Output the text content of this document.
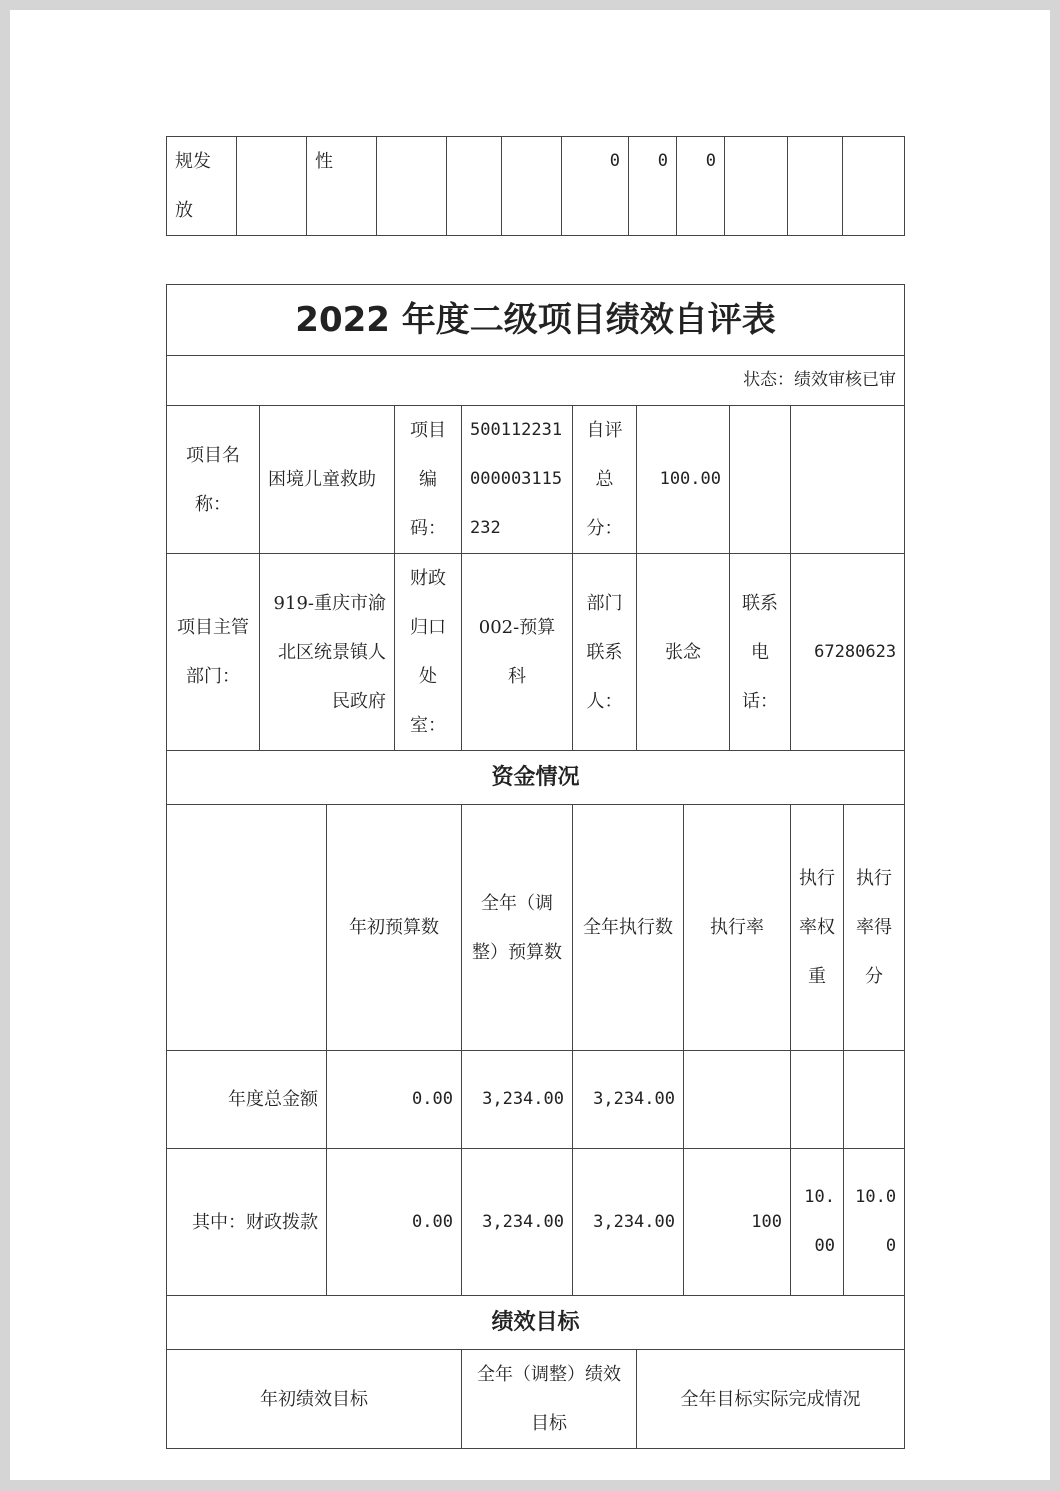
规发放		性				0	0	0			
2022 年度二级项目绩效自评表										
状态：绩效审核已审										
项目名称：	困境儿童救助		项目编码：	500112231000003115232	自评总分：	100.00				
项目主管部门：	919-重庆市渝北区统景镇人民政府		财政归口处室：	002-预算科	部门联系人：	张念		联系电话：	67280623	
资金情况										
		年初预算数		全年（调整）预算数	全年执行数		执行率		执行率权重	执行率得分
年度总金额		0.00		3,234.00	3,234.00					
其中：财政拨款		0.00		3,234.00	3,234.00		100		10.00	10.00
绩效目标										
年初绩效目标				全年（调整）绩效目标		全年目标实际完成情况				
